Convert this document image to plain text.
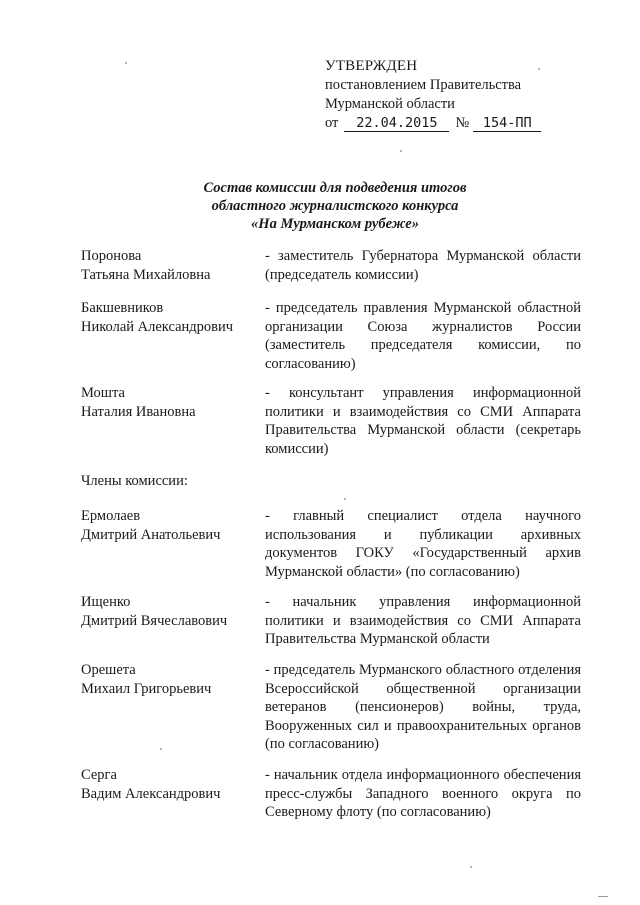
УТВЕРЖДЕН
постановлением Правительства
Мурманской области
от 22.04.2015 № 154-ПП
Состав комиссии для подведения итогов
областного журналистского конкурса
«На Мурманском рубеже»
Поронова
Татьяна Михайловна
- заместитель Губернатора Мурманской области (председатель комиссии)
Бакшевников
Николай Александрович
- председатель правления Мурманской областной организации Союза журналистов России (заместитель председателя комиссии, по согласованию)
Мошта
Наталия Ивановна
- консультант управления информационной политики и взаимодействия со СМИ Аппарата Правительства Мурманской области (секретарь комиссии)
Ермолаев
Дмитрий Анатольевич
- главный специалист отдела научного использования и публикации архивных документов ГОКУ «Государственный архив Мурманской области» (по согласованию)
Ищенко
Дмитрий Вячеславович
- начальник управления информационной политики и взаимодействия со СМИ Аппарата Правительства Мурманской области
Орешета
Михаил Григорьевич
- председатель Мурманского областного отделения Всероссийской общественной организации ветеранов (пенсионеров) войны, труда, Вооруженных сил и правоохранительных органов (по согласованию)
Серга
Вадим Александрович
- начальник отдела информационного обеспечения пресс-службы Западного военного округа по Северному флоту (по согласованию)
Члены комиссии:
